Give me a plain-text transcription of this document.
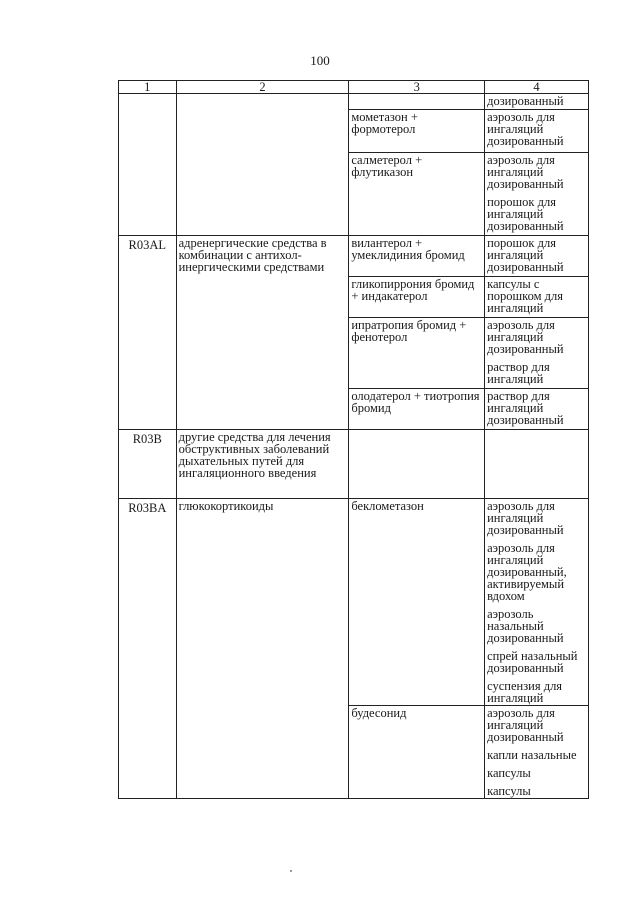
100
1	2	3	4

			дозированный

		мометазон + формотерол	аэрозоль для ингаляций дозированный

		салметерол + флутиказон	аэрозоль для ингаляций дозированный
порошок для ингаляций дозированный

R03AL	адренергические средства в комбинации с антихол-инергическими средствами	вилантерол + умеклидиния бромид	порошок для ингаляций дозированный

		гликопиррония бромид + индакатерол	капсулы с порошком для ингаляций

		ипратропия бромид + фенотерол	аэрозоль для ингаляций дозированный
раствор для ингаляций

		олодатерол + тиотропия бромид	раствор для ингаляций дозированный

R03B	другие средства для лечения обструктивных заболеваний дыхательных путей для ингаляционного введения		
R03BA	глюкокортикоиды	беклометазон	аэрозоль для ингаляций дозированный
аэрозоль для ингаляций дозированный, активируемый вдохом
аэрозоль назальный дозированный
спрей назальный дозированный
суспензия для ингаляций

		будесонид	аэрозоль для ингаляций дозированный
капли назальные
капсулы
капсулы
